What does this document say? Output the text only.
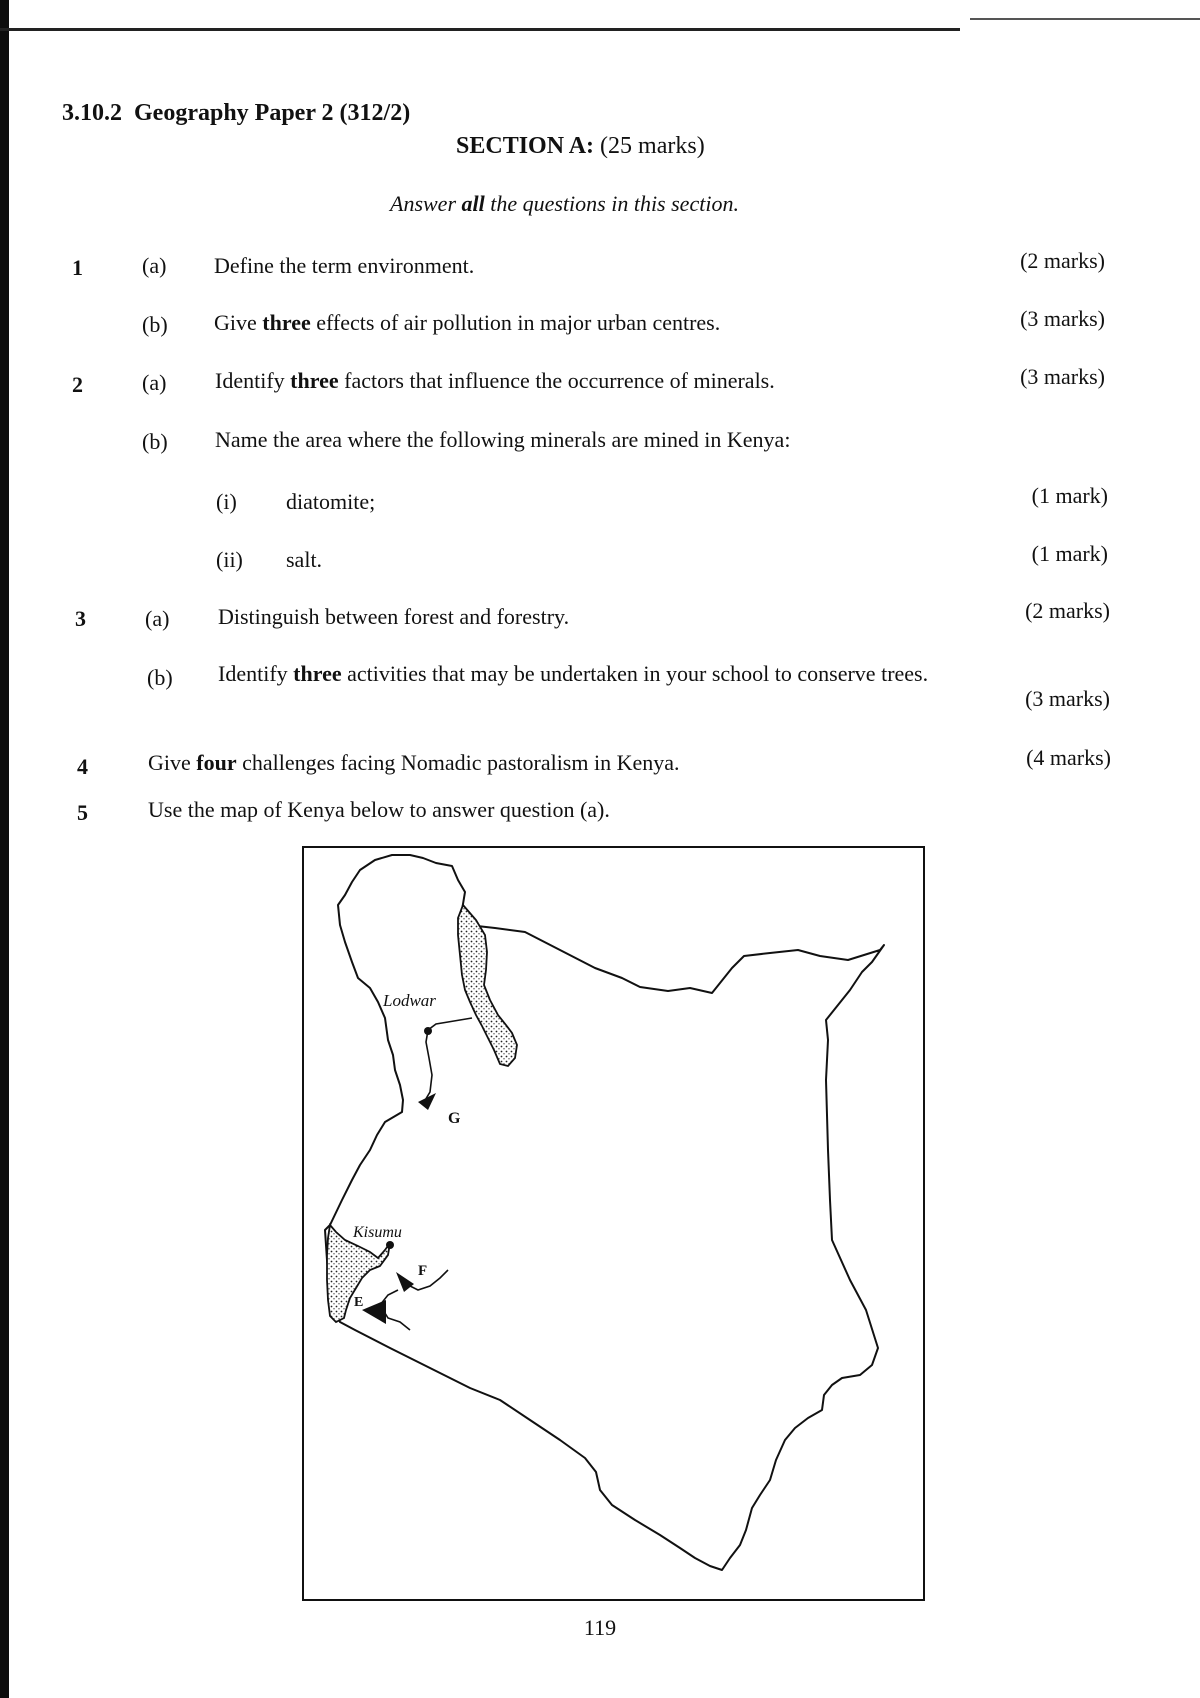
3.10.2 Geography Paper 2 (312/2)
SECTION A: (25 marks)
Answer all the questions in this section.
1	(a) Define the term environment.	(2 marks)
(b) Give three effects of air pollution in major urban centres.	(3 marks)
2	(a) Identify three factors that influence the occurrence of minerals.	(3 marks)
(b) Name the area where the following minerals are mined in Kenya:
(i) diatomite;	(1 mark)
(ii) salt.	(1 mark)
3	(a) Distinguish between forest and forestry.	(2 marks)
(b) Identify three activities that may be undertaken in your school to conserve trees.
(3 marks)
4	Give four challenges facing Nomadic pastoralism in Kenya.	(4 marks)
5	Use the map of Kenya below to answer question (a).
Lodwar
G
Kisumu
F
E
119
